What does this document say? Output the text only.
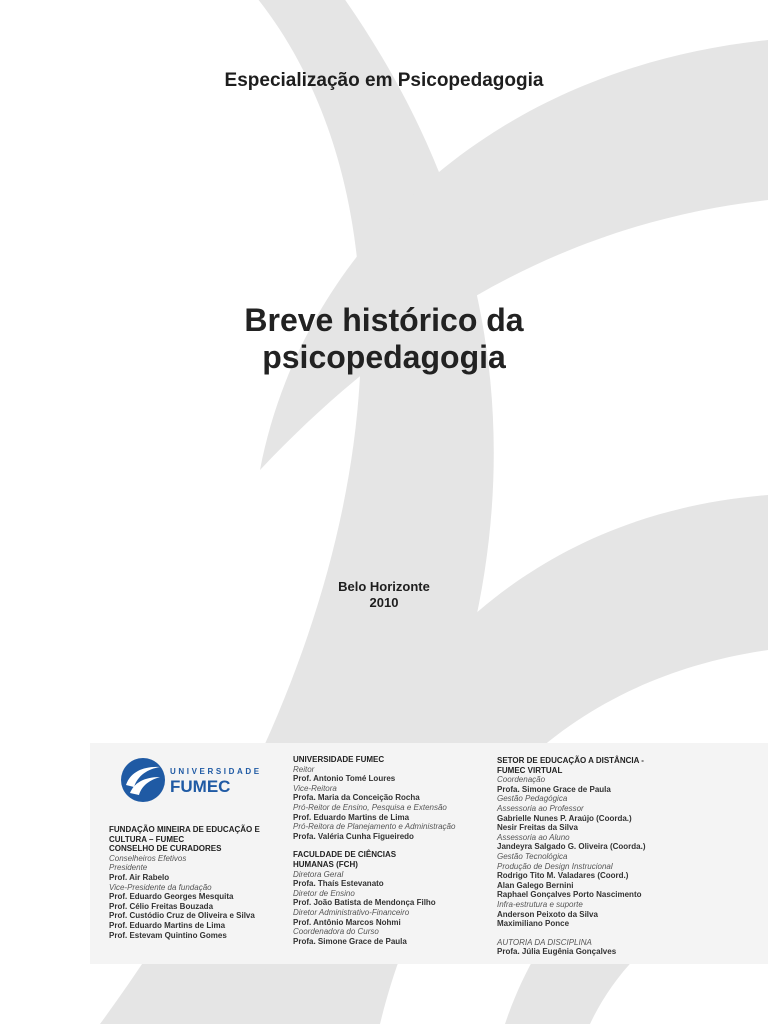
Especialização em Psicopedagogia
Breve histórico da
psicopedagogia
Belo Horizonte
2010
UNIVERSIDADE
FUMEC
FUNDAÇÃO MINEIRA DE EDUCAÇÃO E
CULTURA – FUMEC
CONSELHO DE CURADORES
Conselheiros Efetivos
Presidente
Prof. Air Rabelo
Vice-Presidente da fundação
Prof. Eduardo Georges Mesquita
Prof. Célio Freitas Bouzada
Prof. Custódio Cruz de Oliveira e Silva
Prof. Eduardo Martins de Lima
Prof. Estevam Quintino Gomes
UNIVERSIDADE FUMEC
Reitor
Prof. Antonio Tomé Loures
Vice-Reitora
Profa. Maria da Conceição Rocha
Pró-Reitor de Ensino, Pesquisa e Extensão
Prof. Eduardo Martins de Lima
Pró-Reitora de Planejamento e Administração
Profa. Valéria Cunha Figueiredo
FACULDADE DE CIÊNCIAS
HUMANAS (FCH)
Diretora Geral
Profa. Thaís Estevanato
Diretor de Ensino
Prof. João Batista de Mendonça Filho
Diretor Administrativo-Financeiro
Prof. Antônio Marcos Nohmi
Coordenadora do Curso
Profa. Simone Grace de Paula
SETOR DE EDUCAÇÃO A DISTÂNCIA -
FUMEC VIRTUAL
Coordenação
Profa. Simone Grace de Paula
Gestão Pedagógica
Assessoria ao Professor
Gabrielle Nunes P. Araújo (Coorda.)
Nesir Freitas da Silva
Assessoria ao Aluno
Jandeyra Salgado G. Oliveira (Coorda.)
Gestão Tecnológica
Produção de Design Instrucional
Rodrigo Tito M. Valadares (Coord.)
Alan Galego Bernini
Raphael Gonçalves Porto Nascimento
Infra-estrutura e suporte
Anderson Peixoto da Silva
Maximiliano Ponce
AUTORIA DA DISCIPLINA
Profa. Júlia Eugênia Gonçalves
